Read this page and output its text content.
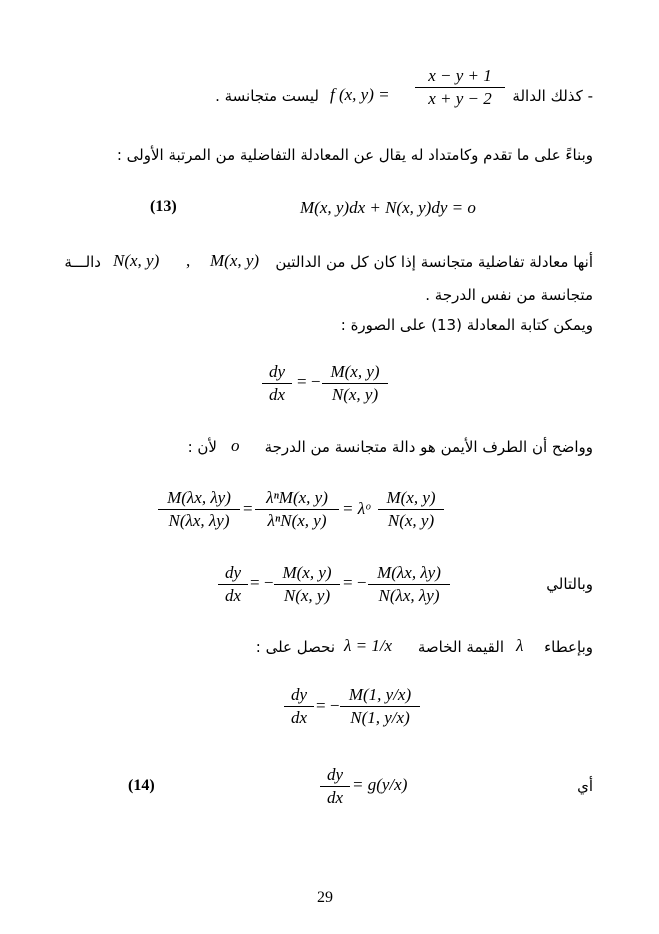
- كذلك الدالة
x − y + 1
x + y − 2
f (x, y) =
ليست متجانسة .
وبناءً على ما تقدم وكامتداد له يقال عن المعادلة التفاضلية من المرتبة الأولى :
(13)	M(x, y)dx + N(x, y)dy = o
أنها معادلة تفاضلية متجانسة إذا كان كل من الدالتين
M(x, y)
,
N(x, y)
دالـــة
متجانسة من نفس الدرجة .
ويمكن كتابة المعادلة (13) على الصورة :
dy
dx
= −
M(x, y)
N(x, y)
وواضح أن الطرف الأيمن هو دالة متجانسة من الدرجة
o
لأن :
M(λx, λy)
N(λx, λy)
=
λⁿM(x, y)
λⁿN(x, y)
= λᵒ
M(x, y)
N(x, y)
dy
dx
= −
M(x, y)
N(x, y)
= −
M(λx, λy)
N(λx, λy)
وبالتالي
وبإعطاء
λ
القيمة الخاصة
λ = 1/x
نحصل على :
dy
dx
= −
M(1, y/x)
N(1, y/x)
(14)
dy
dx
= g(y/x)	أي
29
